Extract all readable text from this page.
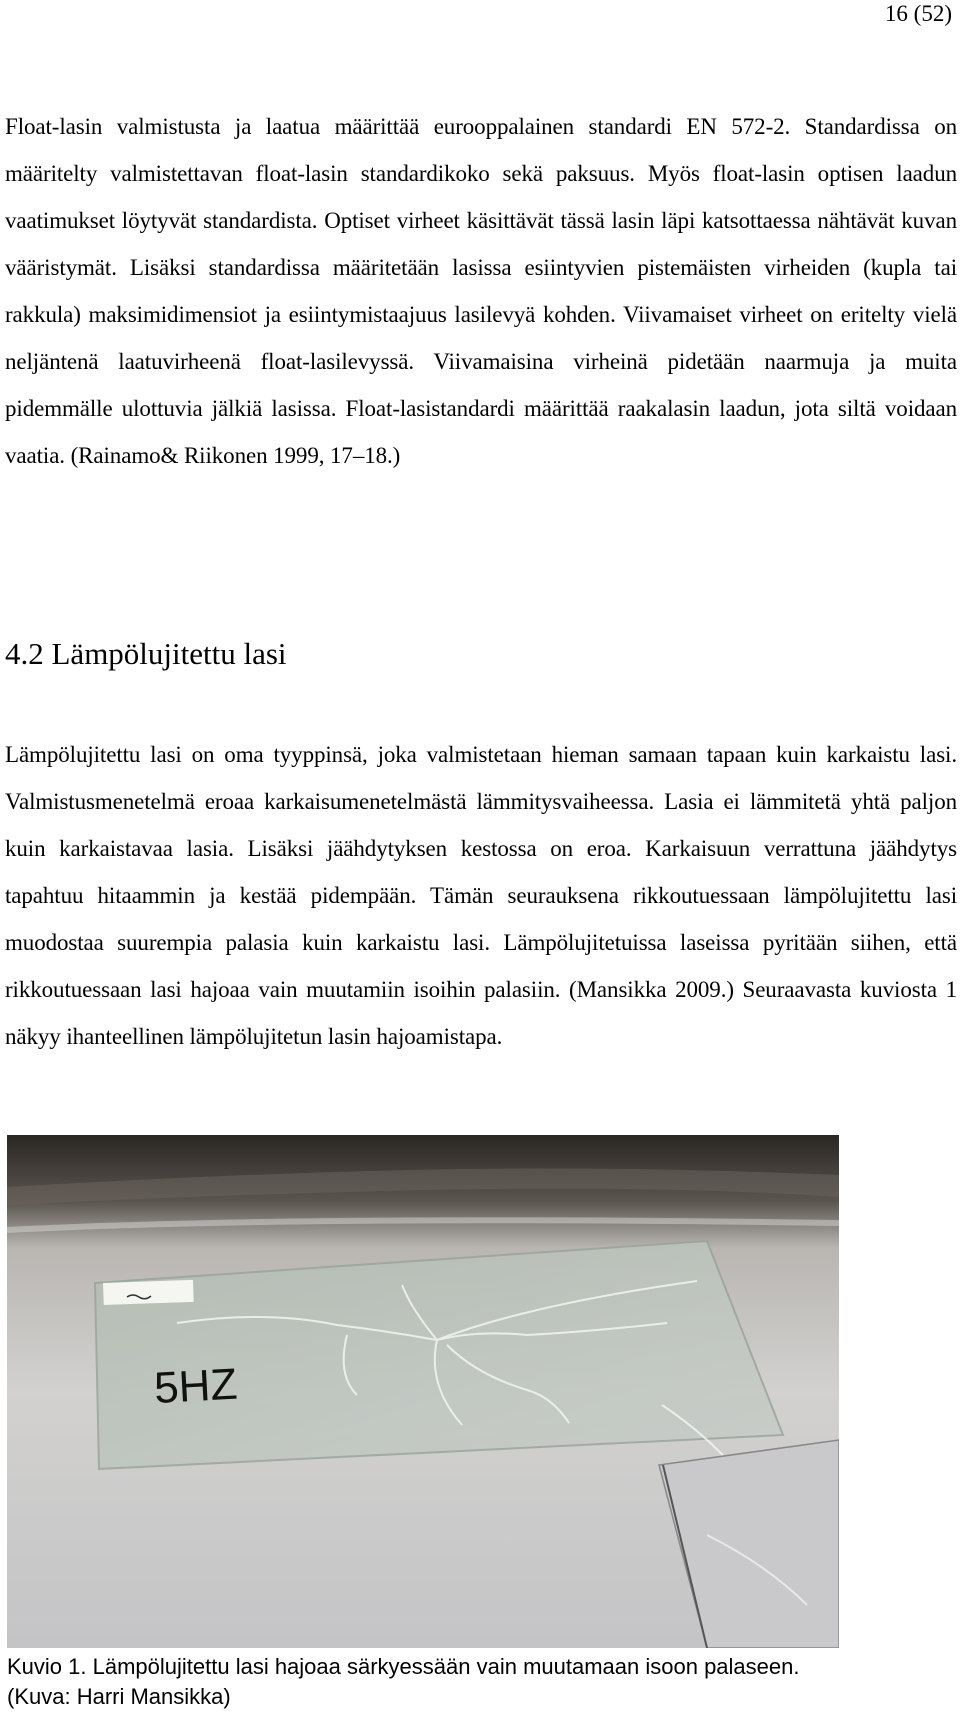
16 (52)

Float-lasin valmistusta ja laatua määrittää eurooppalainen standardi EN 572-2. Standardissa on määritelty valmistettavan float-lasin standardikoko sekä paksuus. Myös float-lasin optisen laadun vaatimukset löytyvät standardista. Optiset virheet käsittävät tässä lasin läpi katsottaessa nähtävät kuvan vääristymät. Lisäksi standardissa määritetään lasissa esiintyvien pistemäisten virheiden (kupla tai rakkula) maksimidimensiot ja esiintymistaajuus lasilevyä kohden. Viivamaiset virheet on eritelty vielä neljäntenä laatuvirheenä float-lasilevyssä. Viivamaisina virheinä pidetään naarmuja ja muita pidemmälle ulottuvia jälkiä lasissa. Float-lasistandardi määrittää raakalasin laadun, jota siltä voidaan vaatia. (Rainamo& Riikonen 1999, 17–18.)

4.2 Lämpölujitettu lasi

Lämpölujitettu lasi on oma tyyppinsä, joka valmistetaan hieman samaan tapaan kuin karkaistu lasi. Valmistusmenetelmä eroaa karkaisumenetelmästä lämmitysvaiheessa. Lasia ei lämmitetä yhtä paljon kuin karkaistavaa lasia. Lisäksi jäähdytyksen kestossa on eroa. Karkaisuun verrattuna jäähdytys tapahtuu hitaammin ja kestää pidempään. Tämän seurauksena rikkoutuessaan lämpölujitettu lasi muodostaa suurempia palasia kuin karkaistu lasi. Lämpölujitetuissa laseissa pyritään siihen, että rikkoutuessaan lasi hajoaa vain muutamiin isoihin palasiin. (Mansikka 2009.) Seuraavasta kuviosta 1 näkyy ihanteellinen lämpölujitetun lasin hajoamistapa.

5HZ
Kuvio 1. Lämpölujitettu lasi hajoaa särkyessään vain muutamaan isoon palaseen.
(Kuva: Harri Mansikka)
